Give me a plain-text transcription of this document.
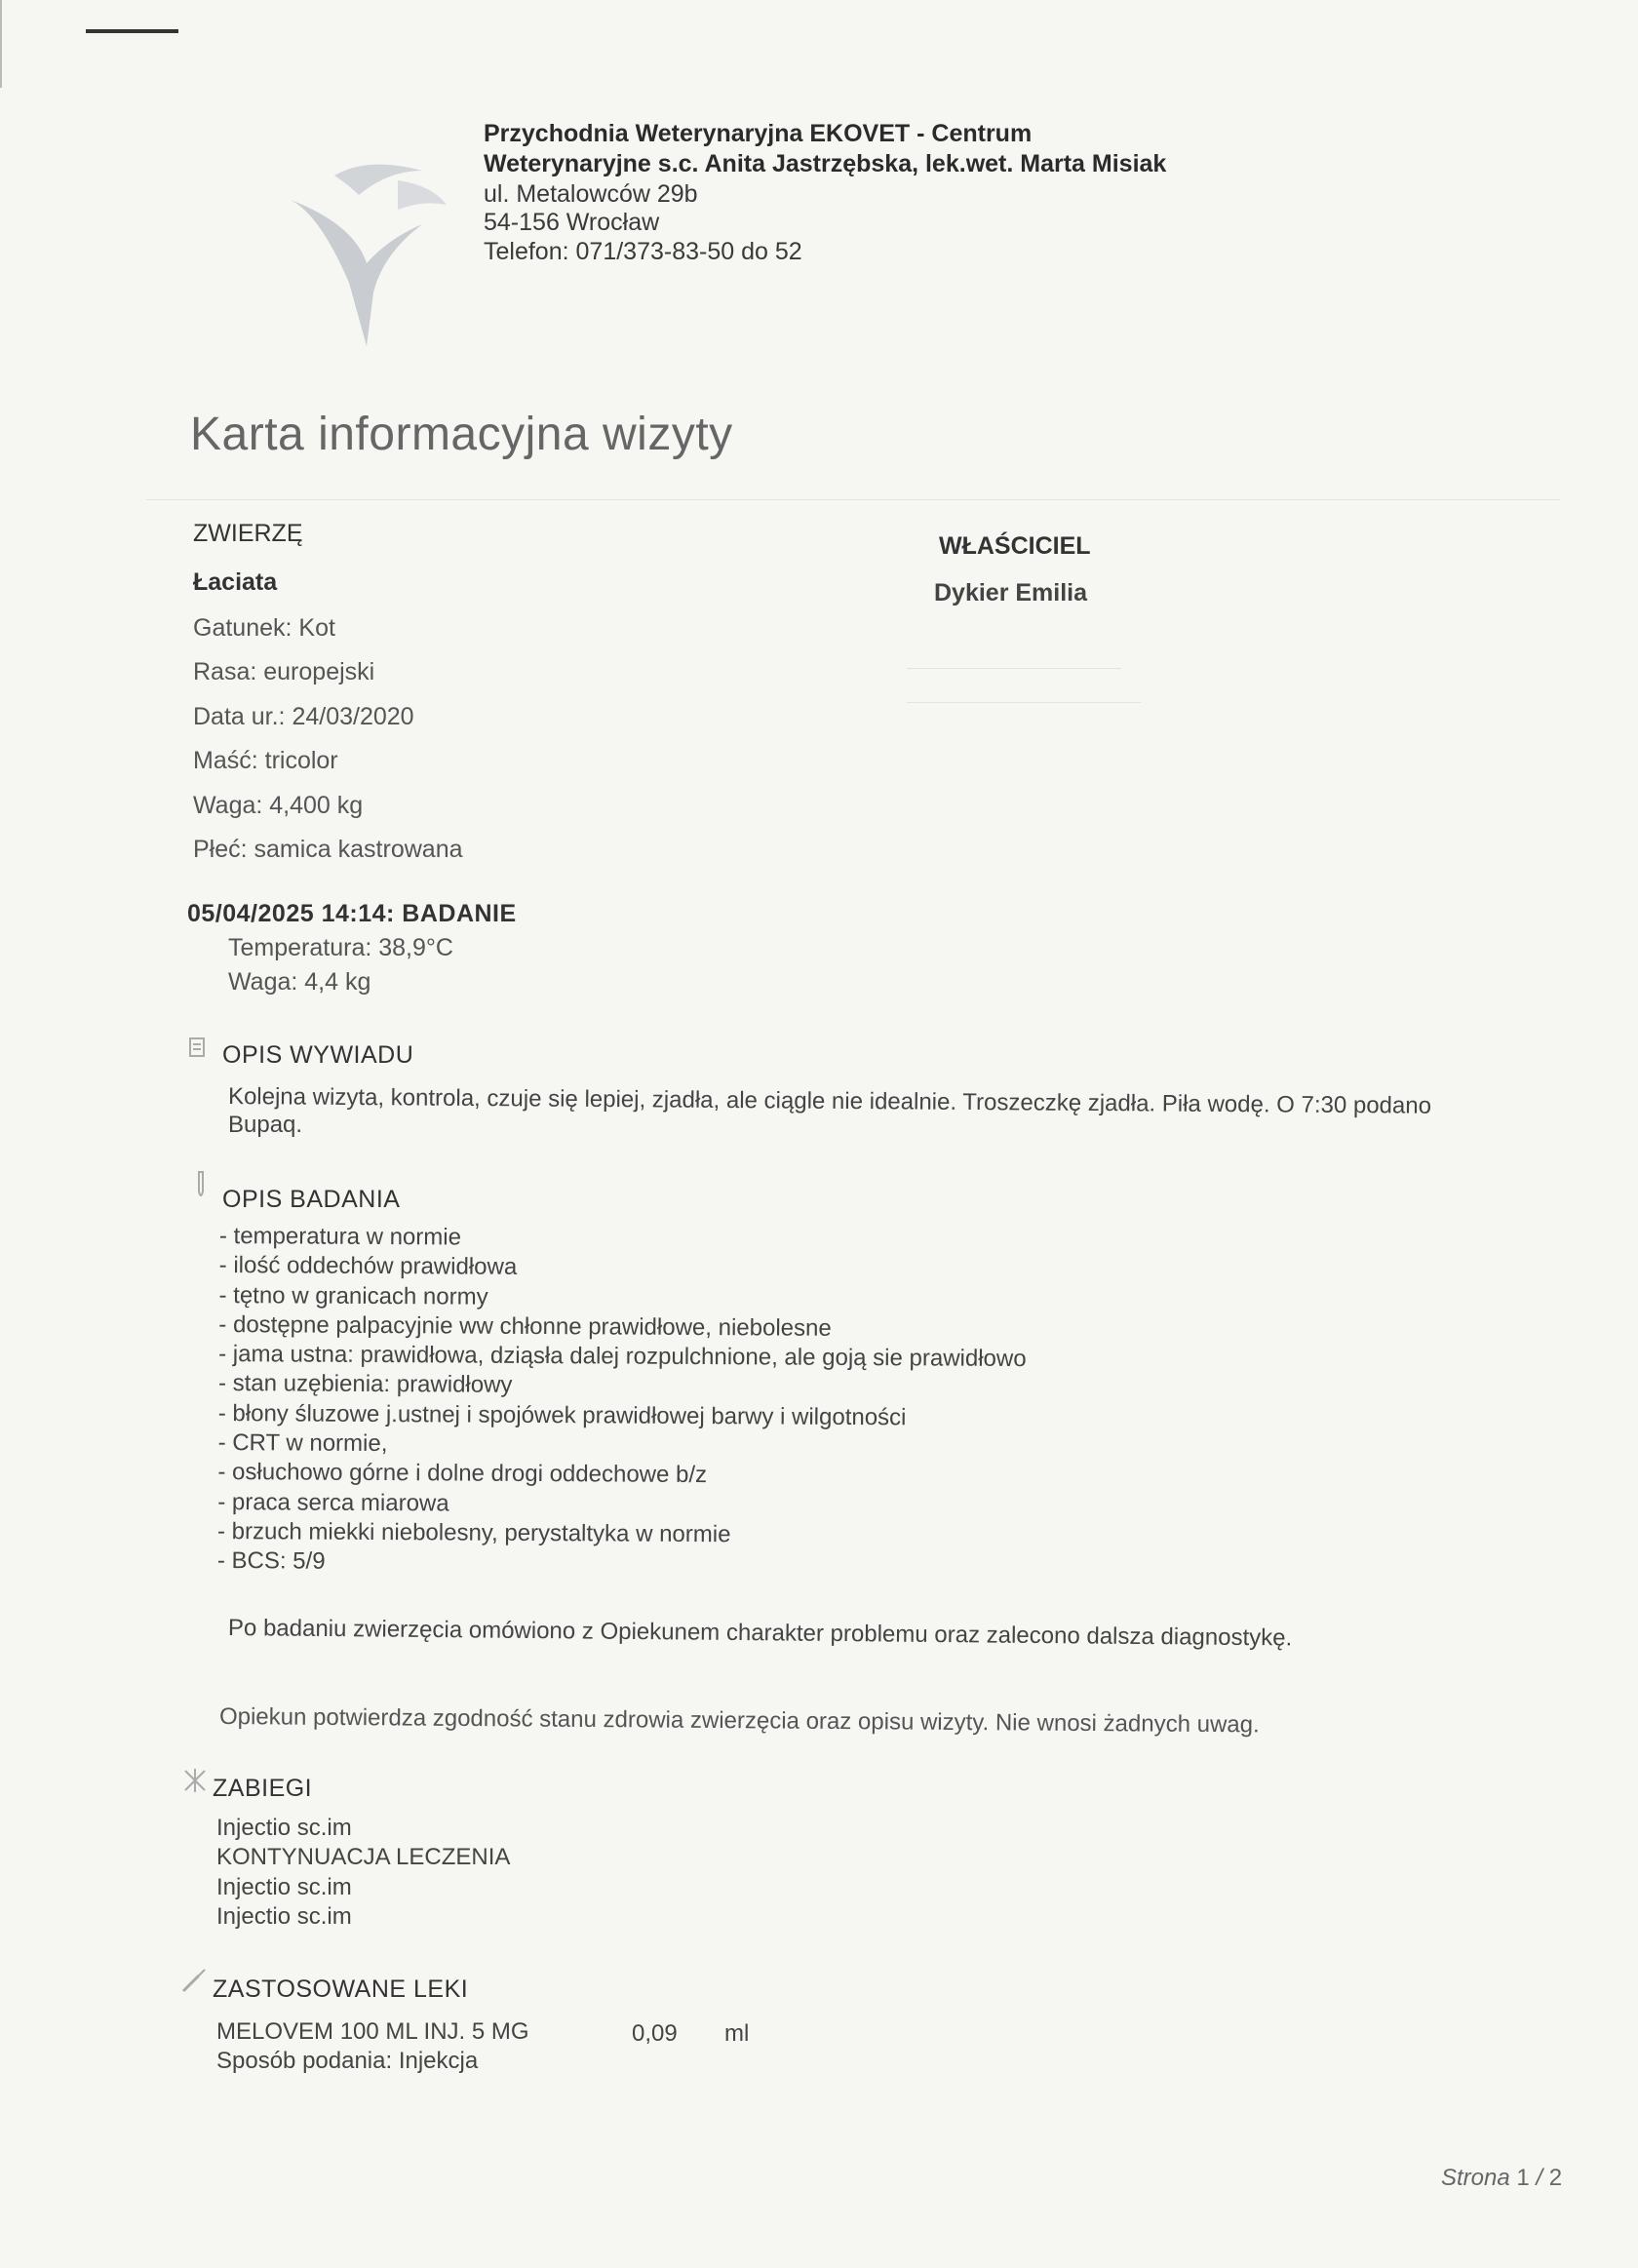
Przychodnia Weterynaryjna EKOVET - Centrum
Weterynaryjne s.c. Anita Jastrzębska, lek.wet. Marta Misiak
ul. Metalowców 29b
54-156 Wrocław
Telefon: 071/373-83-50 do 52
Karta informacyjna wizyty
ZWIERZĘ
Łaciata
Gatunek: Kot
Rasa: europejski
Data ur.: 24/03/2020
Maść: tricolor
Waga: 4,400 kg
Płeć: samica kastrowana
WŁAŚCICIEL
Dykier Emilia
05/04/2025 14:14: BADANIE
Temperatura: 38,9°C
Waga: 4,4 kg
OPIS WYWIADU
Kolejna wizyta, kontrola, czuje się lepiej, zjadła, ale ciągle nie idealnie. Troszeczkę zjadła. Piła wodę. O 7:30 podano
Bupaq.
OPIS BADANIA
- temperatura w normie
- ilość oddechów prawidłowa
- tętno w granicach normy
- dostępne palpacyjnie ww chłonne prawidłowe, niebolesne
- jama ustna: prawidłowa, dziąsła dalej rozpulchnione, ale goją sie prawidłowo
- stan uzębienia: prawidłowy
- błony śluzowe j.ustnej i spojówek prawidłowej barwy i wilgotności
- CRT w normie,
- osłuchowo górne i dolne drogi oddechowe b/z
- praca serca miarowa
- brzuch miekki niebolesny, perystaltyka w normie
- BCS: 5/9
Po badaniu zwierzęcia omówiono z Opiekunem charakter problemu oraz zalecono dalsza diagnostykę.
Opiekun potwierdza zgodność stanu zdrowia zwierzęcia oraz opisu wizyty. Nie wnosi żadnych uwag.
ZABIEGI
Injectio sc.im
KONTYNUACJA LECZENIA
Injectio sc.im
Injectio sc.im
ZASTOSOWANE LEKI
MELOVEM 100 ML INJ. 5 MG	0,09 ml
Sposób podania: Injekcja
Strona 1 / 2
